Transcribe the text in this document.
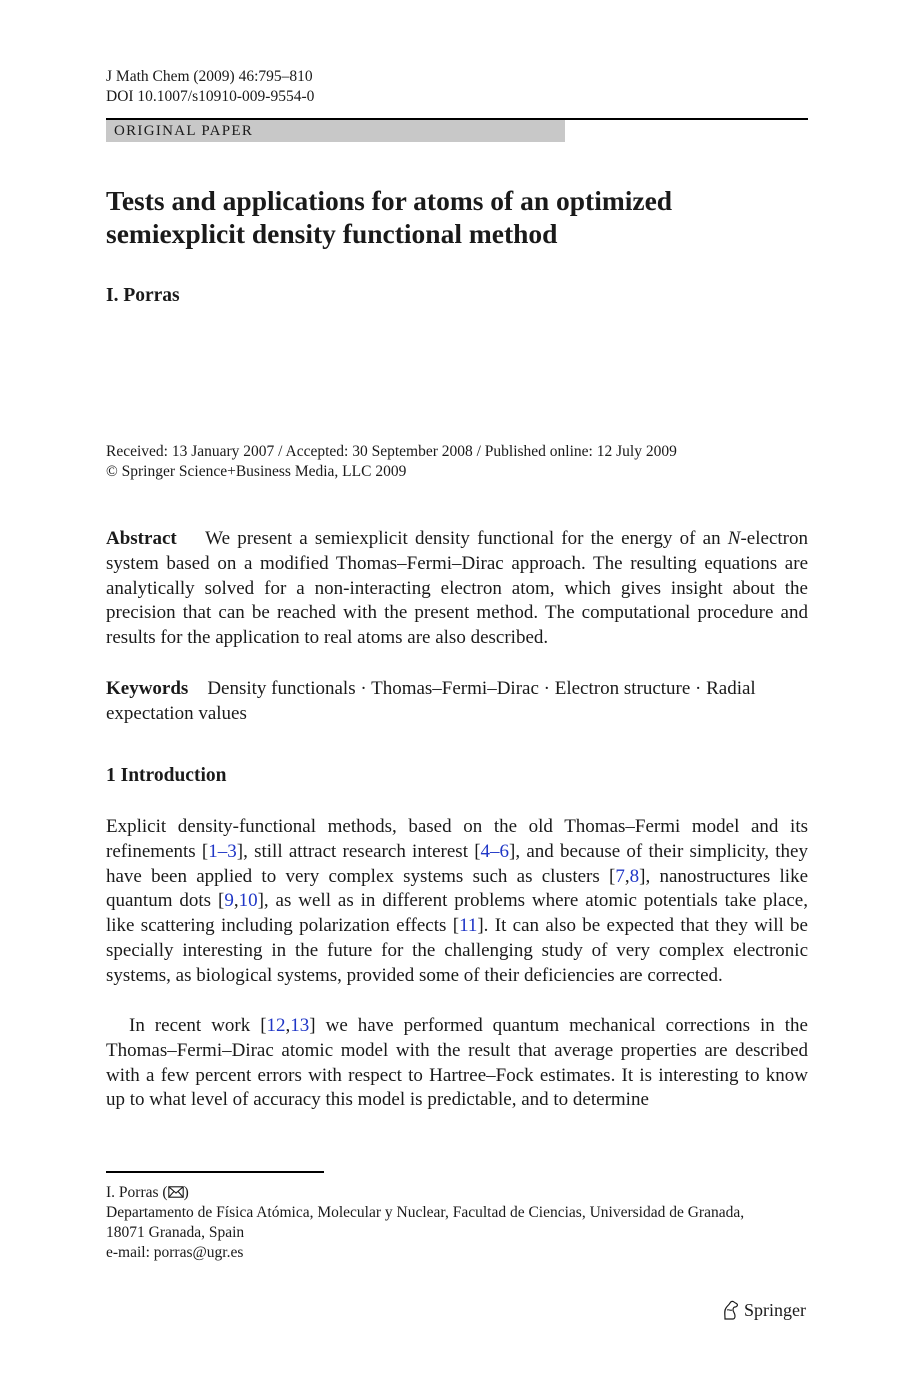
J Math Chem (2009) 46:795–810
DOI 10.1007/s10910-009-9554-0
ORIGINAL PAPER
Tests and applications for atoms of an optimized
semiexplicit density functional method
I. Porras
Received: 13 January 2007 / Accepted: 30 September 2008 / Published online: 12 July 2009
© Springer Science+Business Media, LLC 2009
Abstract We present a semiexplicit density functional for the energy of an N-electron system based on a modified Thomas–Fermi–Dirac approach. The resulting equations are analytically solved for a non-interacting electron atom, which gives insight about the precision that can be reached with the present method. The computational procedure and results for the application to real atoms are also described.
Keywords Density functionals · Thomas–Fermi–Dirac · Electron structure · Radial expectation values
1 Introduction
Explicit density-functional methods, based on the old Thomas–Fermi model and its refinements [1–3], still attract research interest [4–6], and because of their simplicity, they have been applied to very complex systems such as clusters [7,8], nanostructures like quantum dots [9,10], as well as in different problems where atomic potentials take place, like scattering including polarization effects [11]. It can also be expected that they will be specially interesting in the future for the challenging study of very complex electronic systems, as biological systems, provided some of their deficiencies are corrected.
In recent work [12,13] we have performed quantum mechanical corrections in the Thomas–Fermi–Dirac atomic model with the result that average properties are described with a few percent errors with respect to Hartree–Fock estimates. It is interesting to know up to what level of accuracy this model is predictable, and to determine
I. Porras ( )
Departamento de Física Atómica, Molecular y Nuclear, Facultad de Ciencias, Universidad de Granada,
18071 Granada, Spain
e-mail: porras@ugr.es
Springer
